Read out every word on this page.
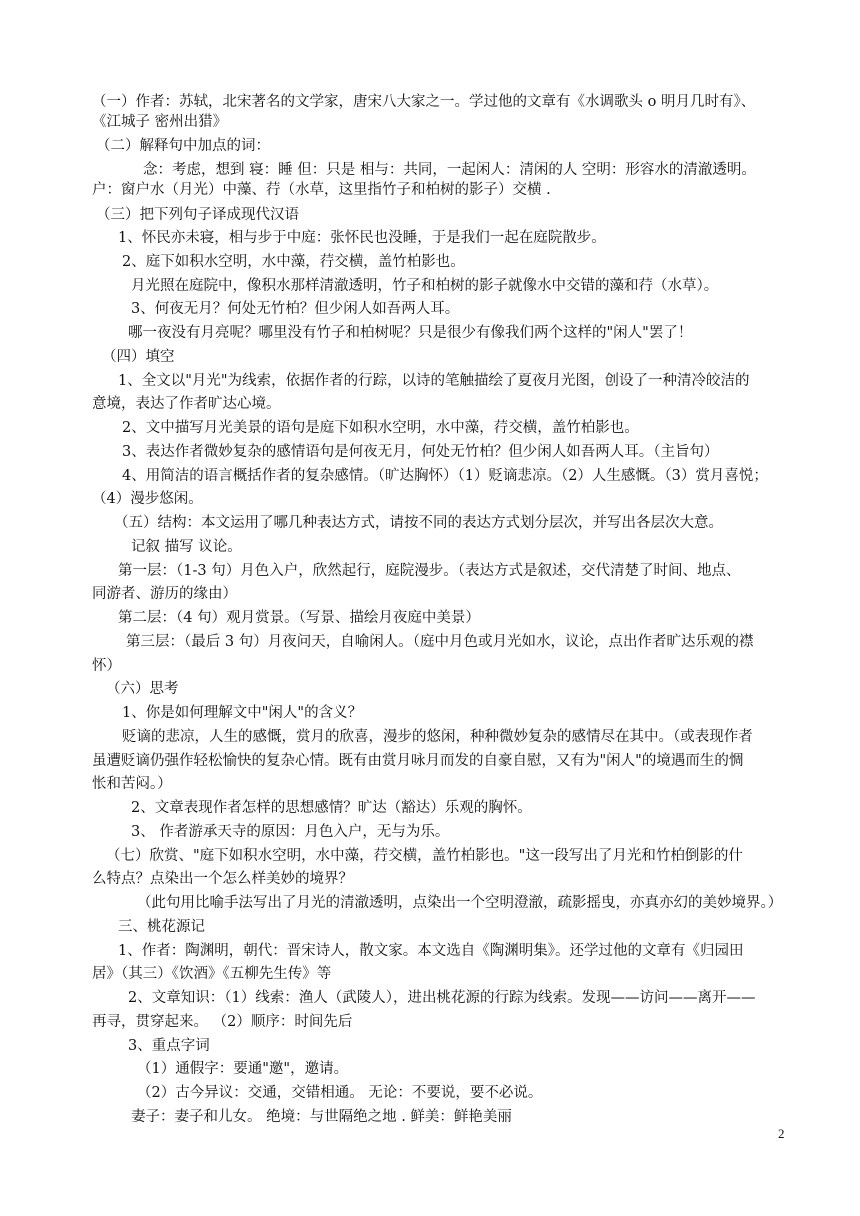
（一）作者：苏轼，北宋著名的文学家，唐宋八大家之一。学过他的文章有《水调歌头 o 明月几时有》、
《江城子 密州出猎》
（二）解释句中加点的词：
念：考虑，想到 寝：睡 但：只是 相与：共同，一起闲人：清闲的人 空明：形容水的清澈透明。
户：窗户水（月光）中藻、荇（水草，这里指竹子和柏树的影子）交横 .
（三）把下列句子译成现代汉语
1、怀民亦未寝，相与步于中庭：张怀民也没睡，于是我们一起在庭院散步。
2、庭下如积水空明，水中藻，荇交横，盖竹柏影也。
月光照在庭院中，像积水那样清澈透明，竹子和柏树的影子就像水中交错的藻和荇（水草）。
3、何夜无月？何处无竹柏？但少闲人如吾两人耳。
哪一夜没有月亮呢？哪里没有竹子和柏树呢？只是很少有像我们两个这样的"闲人"罢了！
（四）填空
1、全文以"月光"为线索，依据作者的行踪，以诗的笔触描绘了夏夜月光图，创设了一种清冷皎洁的
意境，表达了作者旷达心境。
2、文中描写月光美景的语句是庭下如积水空明，水中藻，荇交横，盖竹柏影也。
3、表达作者微妙复杂的感情语句是何夜无月，何处无竹柏？但少闲人如吾两人耳。（主旨句）
4、用简洁的语言概括作者的复杂感情。（旷达胸怀）（1）贬谪悲凉。（2）人生感慨。（3）赏月喜悦；
（4）漫步悠闲。
（五）结构：本文运用了哪几种表达方式，请按不同的表达方式划分层次，并写出各层次大意。
记叙 描写 议论。
第一层：（1-3 句）月色入户，欣然起行，庭院漫步。（表达方式是叙述，交代清楚了时间、地点、
同游者、游历的缘由）
第二层：（4 句）观月赏景。（写景、描绘月夜庭中美景）
第三层：（最后 3 句）月夜问天，自喻闲人。（庭中月色或月光如水，议论，点出作者旷达乐观的襟
怀）
（六）思考
1、你是如何理解文中"闲人"的含义？
贬谪的悲凉，人生的感慨，赏月的欣喜，漫步的悠闲，种种微妙复杂的感情尽在其中。（或表现作者
虽遭贬谪仍强作轻松愉快的复杂心情。既有由赏月咏月而发的自豪自慰，又有为"闲人"的境遇而生的惆
怅和苦闷。）
2、文章表现作者怎样的思想感情？旷达（豁达）乐观的胸怀。
3、 作者游承天寺的原因：月色入户，无与为乐。
（七）欣赏、"庭下如积水空明，水中藻，荇交横，盖竹柏影也。"这一段写出了月光和竹柏倒影的什
么特点？点染出一个怎么样美妙的境界？
（此句用比喻手法写出了月光的清澈透明，点染出一个空明澄澈，疏影摇曳，亦真亦幻的美妙境界。）
三、桃花源记
1、作者：陶渊明，朝代：晋宋诗人，散文家。本文选自《陶渊明集》。还学过他的文章有《归园田
居》（其三）《饮酒》《五柳先生传》等
2、文章知识：（1）线索：渔人（武陵人），进出桃花源的行踪为线索。发现——访问——离开——
再寻，贯穿起来。 （2）顺序：时间先后
3、重点字词
（1）通假字：要通"邀"，邀请。
（2）古今异议：交通，交错相通。 无论：不要说，要不必说。
妻子：妻子和儿女。 绝境：与世隔绝之地 . 鲜美：鲜艳美丽
2
